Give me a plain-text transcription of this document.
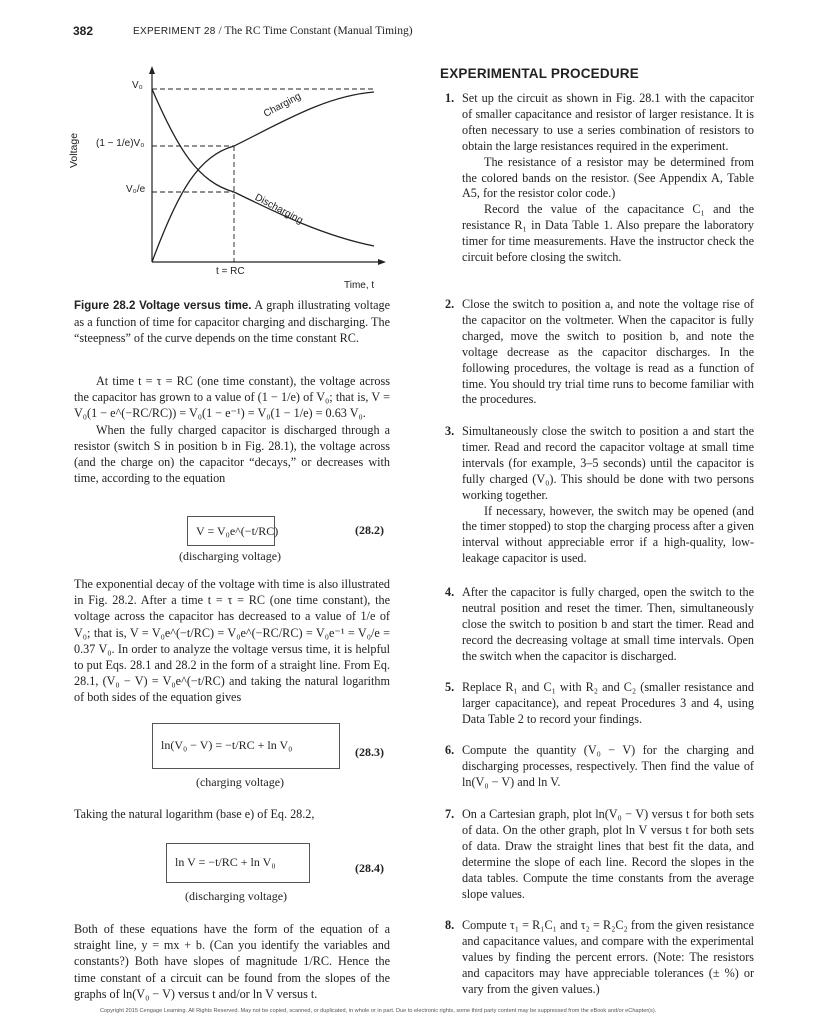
382	EXPERIMENT 28 / The RC Time Constant (Manual Timing)
Voltage
V₀
(1 − 1/e)V₀
V₀/e
t = RC
Time, t
Charging
Discharging
Figure 28.2 Voltage versus time. A graph illustrating voltage as a function of time for capacitor charging and discharging. The “steepness” of the curve depends on the time constant RC.

At time t = τ = RC (one time constant), the voltage across the capacitor has grown to a value of (1 − 1/e) of V₀; that is, V = V₀(1 − e^(−RC/RC)) = V₀(1 − e⁻¹) = V₀(1 − 1/e) = 0.63 V₀.

When the fully charged capacitor is discharged through a resistor (switch S in position b in Fig. 28.1), the voltage across (and the charge on) the capacitor “decays,” or decreases with time, according to the equation

V = V₀e^(−t/RC)	(28.2)
(discharging voltage)

The exponential decay of the voltage with time is also illustrated in Fig. 28.2. After a time t = τ = RC (one time constant), the voltage across the capacitor has decreased to a value of 1/e of V₀; that is, V = V₀e^(−t/RC) = V₀e^(−RC/RC) = V₀e⁻¹ = V₀/e = 0.37 V₀. In order to analyze the voltage versus time, it is helpful to put Eqs. 28.1 and 28.2 in the form of a straight line. From Eq. 28.1, (V₀ − V) = V₀e^(−t/RC) and taking the natural logarithm of both sides of the equation gives

ln(V₀ − V) = −t/RC + ln V₀	(28.3)
(charging voltage)

Taking the natural logarithm (base e) of Eq. 28.2,

ln V = −t/RC + ln V₀	(28.4)
(discharging voltage)

Both of these equations have the form of the equation of a straight line, y = mx + b. (Can you identify the variables and constants?) Both have slopes of magnitude 1/RC. Hence the time constant of a circuit can be found from the slopes of the graphs of ln(V₀ − V) versus t and/or ln V versus t.

EXPERIMENTAL PROCEDURE
1. Set up the circuit as shown in Fig. 28.1 with the capacitor of smaller capacitance and resistor of larger resistance. It is often necessary to use a series combination of resistors to obtain the large resistances required in the experiment.

The resistance of a resistor may be determined from the colored bands on the resistor. (See Appendix A, Table A5, for the resistor color code.)

Record the value of the capacitance C₁ and the resistance R₁ in Data Table 1. Also prepare the laboratory timer for time measurements. Have the instructor check the circuit before closing the switch.

2. Close the switch to position a, and note the voltage rise of the capacitor on the voltmeter. When the capacitor is fully charged, move the switch to position b, and note the voltage decrease as the capacitor discharges. In the following procedures, the voltage is read as a function of time. You should try trial time runs to become familiar with the procedures.

3. Simultaneously close the switch to position a and start the timer. Read and record the capacitor voltage at small time intervals (for example, 3–5 seconds) until the capacitor is fully charged (V₀). This should be done with two persons working together.

If necessary, however, the switch may be opened (and the timer stopped) to stop the charging process after a given interval without appreciable error if a high-quality, low-leakage capacitor is used.

4. After the capacitor is fully charged, open the switch to the neutral position and reset the timer. Then, simultaneously close the switch to position b and start the timer. Read and record the decreasing voltage at small time intervals. Open the switch when the capacitor is discharged.

5. Replace R₁ and C₁ with R₂ and C₂ (smaller resistance and larger capacitance), and repeat Procedures 3 and 4, using Data Table 2 to record your findings.

6. Compute the quantity (V₀ − V) for the charging and discharging processes, respectively. Then find the value of ln(V₀ − V) and ln V.

7. On a Cartesian graph, plot ln(V₀ − V) versus t for both sets of data. On the other graph, plot ln V versus t for both sets of data. Draw the straight lines that best fit the data, and determine the slope of each line. Record the slopes in the data tables. Compute the time constants from the average slope values.

8. Compute τ₁ = R₁C₁ and τ₂ = R₂C₂ from the given resistance and capacitance values, and compare with the experimental values by finding the percent errors. (Note: The resistors and capacitors may have appreciable tolerances (± %) or vary from the given values.)

Copyright 2015 Cengage Learning. All Rights Reserved. May not be copied, scanned, or duplicated, in whole or in part. Due to electronic rights, some third party content may be suppressed from the eBook and/or eChapter(s).
